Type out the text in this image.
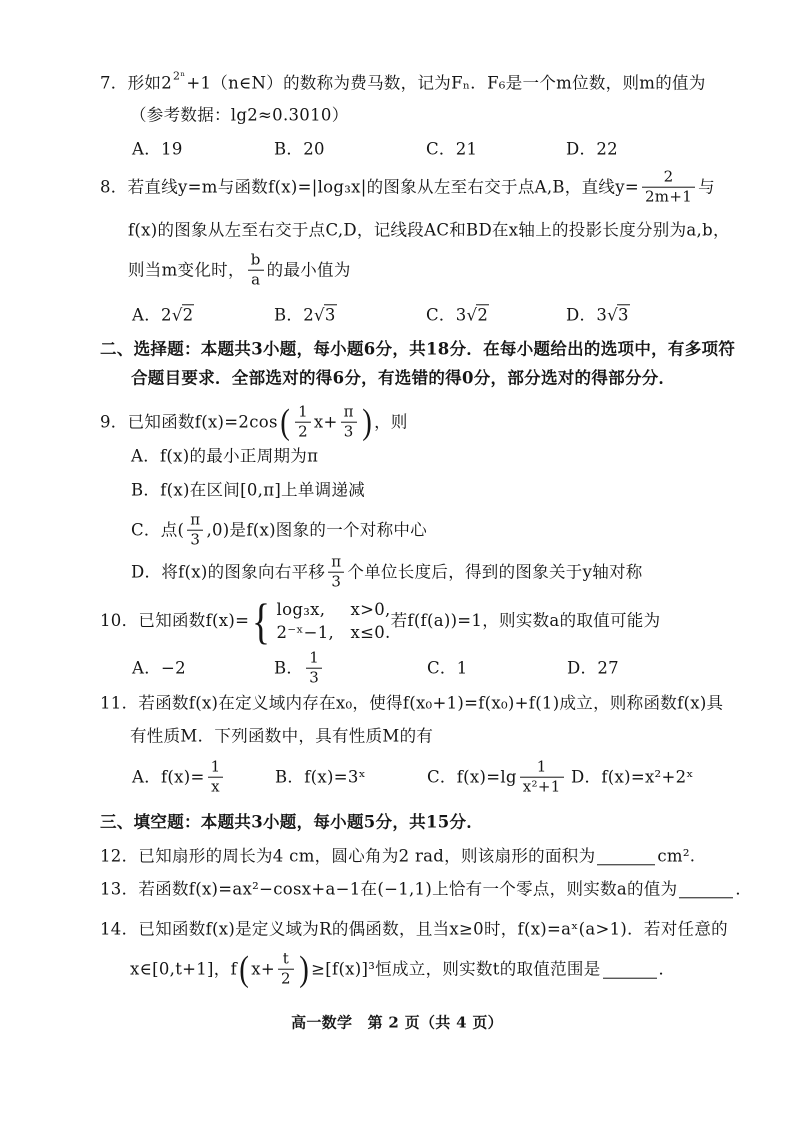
7． 形如2 2ⁿ +1（n∈N）的数称为费马数，记为Fₙ．F₆是一个m位数，则m的值为
（参考数据：lg2≈0.3010）
A．19	B．20	C．21	D．22
8． 若直线y=m与函数f(x)=|log₃x|的图象从左至右交于点A,B，直线$y= \frac{2}{2m+1}$ 与
f(x)的图象从左至右交于点C,D，记线段AC和BD在x轴上的投影长度分别为a,b，
则当m变化时， $\frac{b}{a}$ 的最小值为
A． 2 √ 2	B． 2 √ 3	C． 3 √ 2	D． 3 √ 3
二、选择题：本题共3小题，每小题6分，共18分．在每小题给出的选项中，有多项符
合题目要求．全部选对的得6分，有选错的得0分，部分选对的得部分分．
9． 已知函数f(x)=2cos ( $\frac{1}{2} x+ \frac{\pi}{3}$ ) ，则
A．f(x)的最小正周期为π
B．f(x)在区间[0,π]上单调递减
C．点( $\frac{\pi}{3} ,0$)是f(x)图象的一个对称中心
D．将f(x)的图象向右平移 $\frac{\pi}{3}$ 个单位长度后，得到的图象关于y轴对称
10． 已知函数f(x)= { log₃x,	x>0,
2⁻ˣ−1, x≤0.
若f(f(a))=1，则实数a的取值可能为
A．−2	B． $\frac{1}{3}$	C．1	D．27
11． 若函数f(x)在定义域内存在x₀，使得f(x₀+1)=f(x₀)+f(1)成立，则称函数f(x)具
有性质M．下列函数中，具有性质M的有
A．$f(x)= \frac{1}{x}$	B．f(x)=3ˣ	C．$f(x)=\lg \frac{1}{\text{x²+1}}$ D．f(x)=x²+2ˣ
三、填空题：本题共3小题，每小题5分，共15分．
12． 已知扇形的周长为4 cm，圆心角为2 rad，则该扇形的面积为	cm².
13． 若函数f(x)=ax²−cosx+a−1在(−1,1)上恰有一个零点，则实数a的值为	．
14． 已知函数f(x)是定义域为R的偶函数，且当x≥0时，f(x)=aˣ(a>1)．若对任意的
x∈[0,t+1]，f ( $x+ \frac{t}{2}$ ) ≥[f(x)]³恒成立，则实数t的取值范围是	．
高一数学　第 2 页（共 4 页）
